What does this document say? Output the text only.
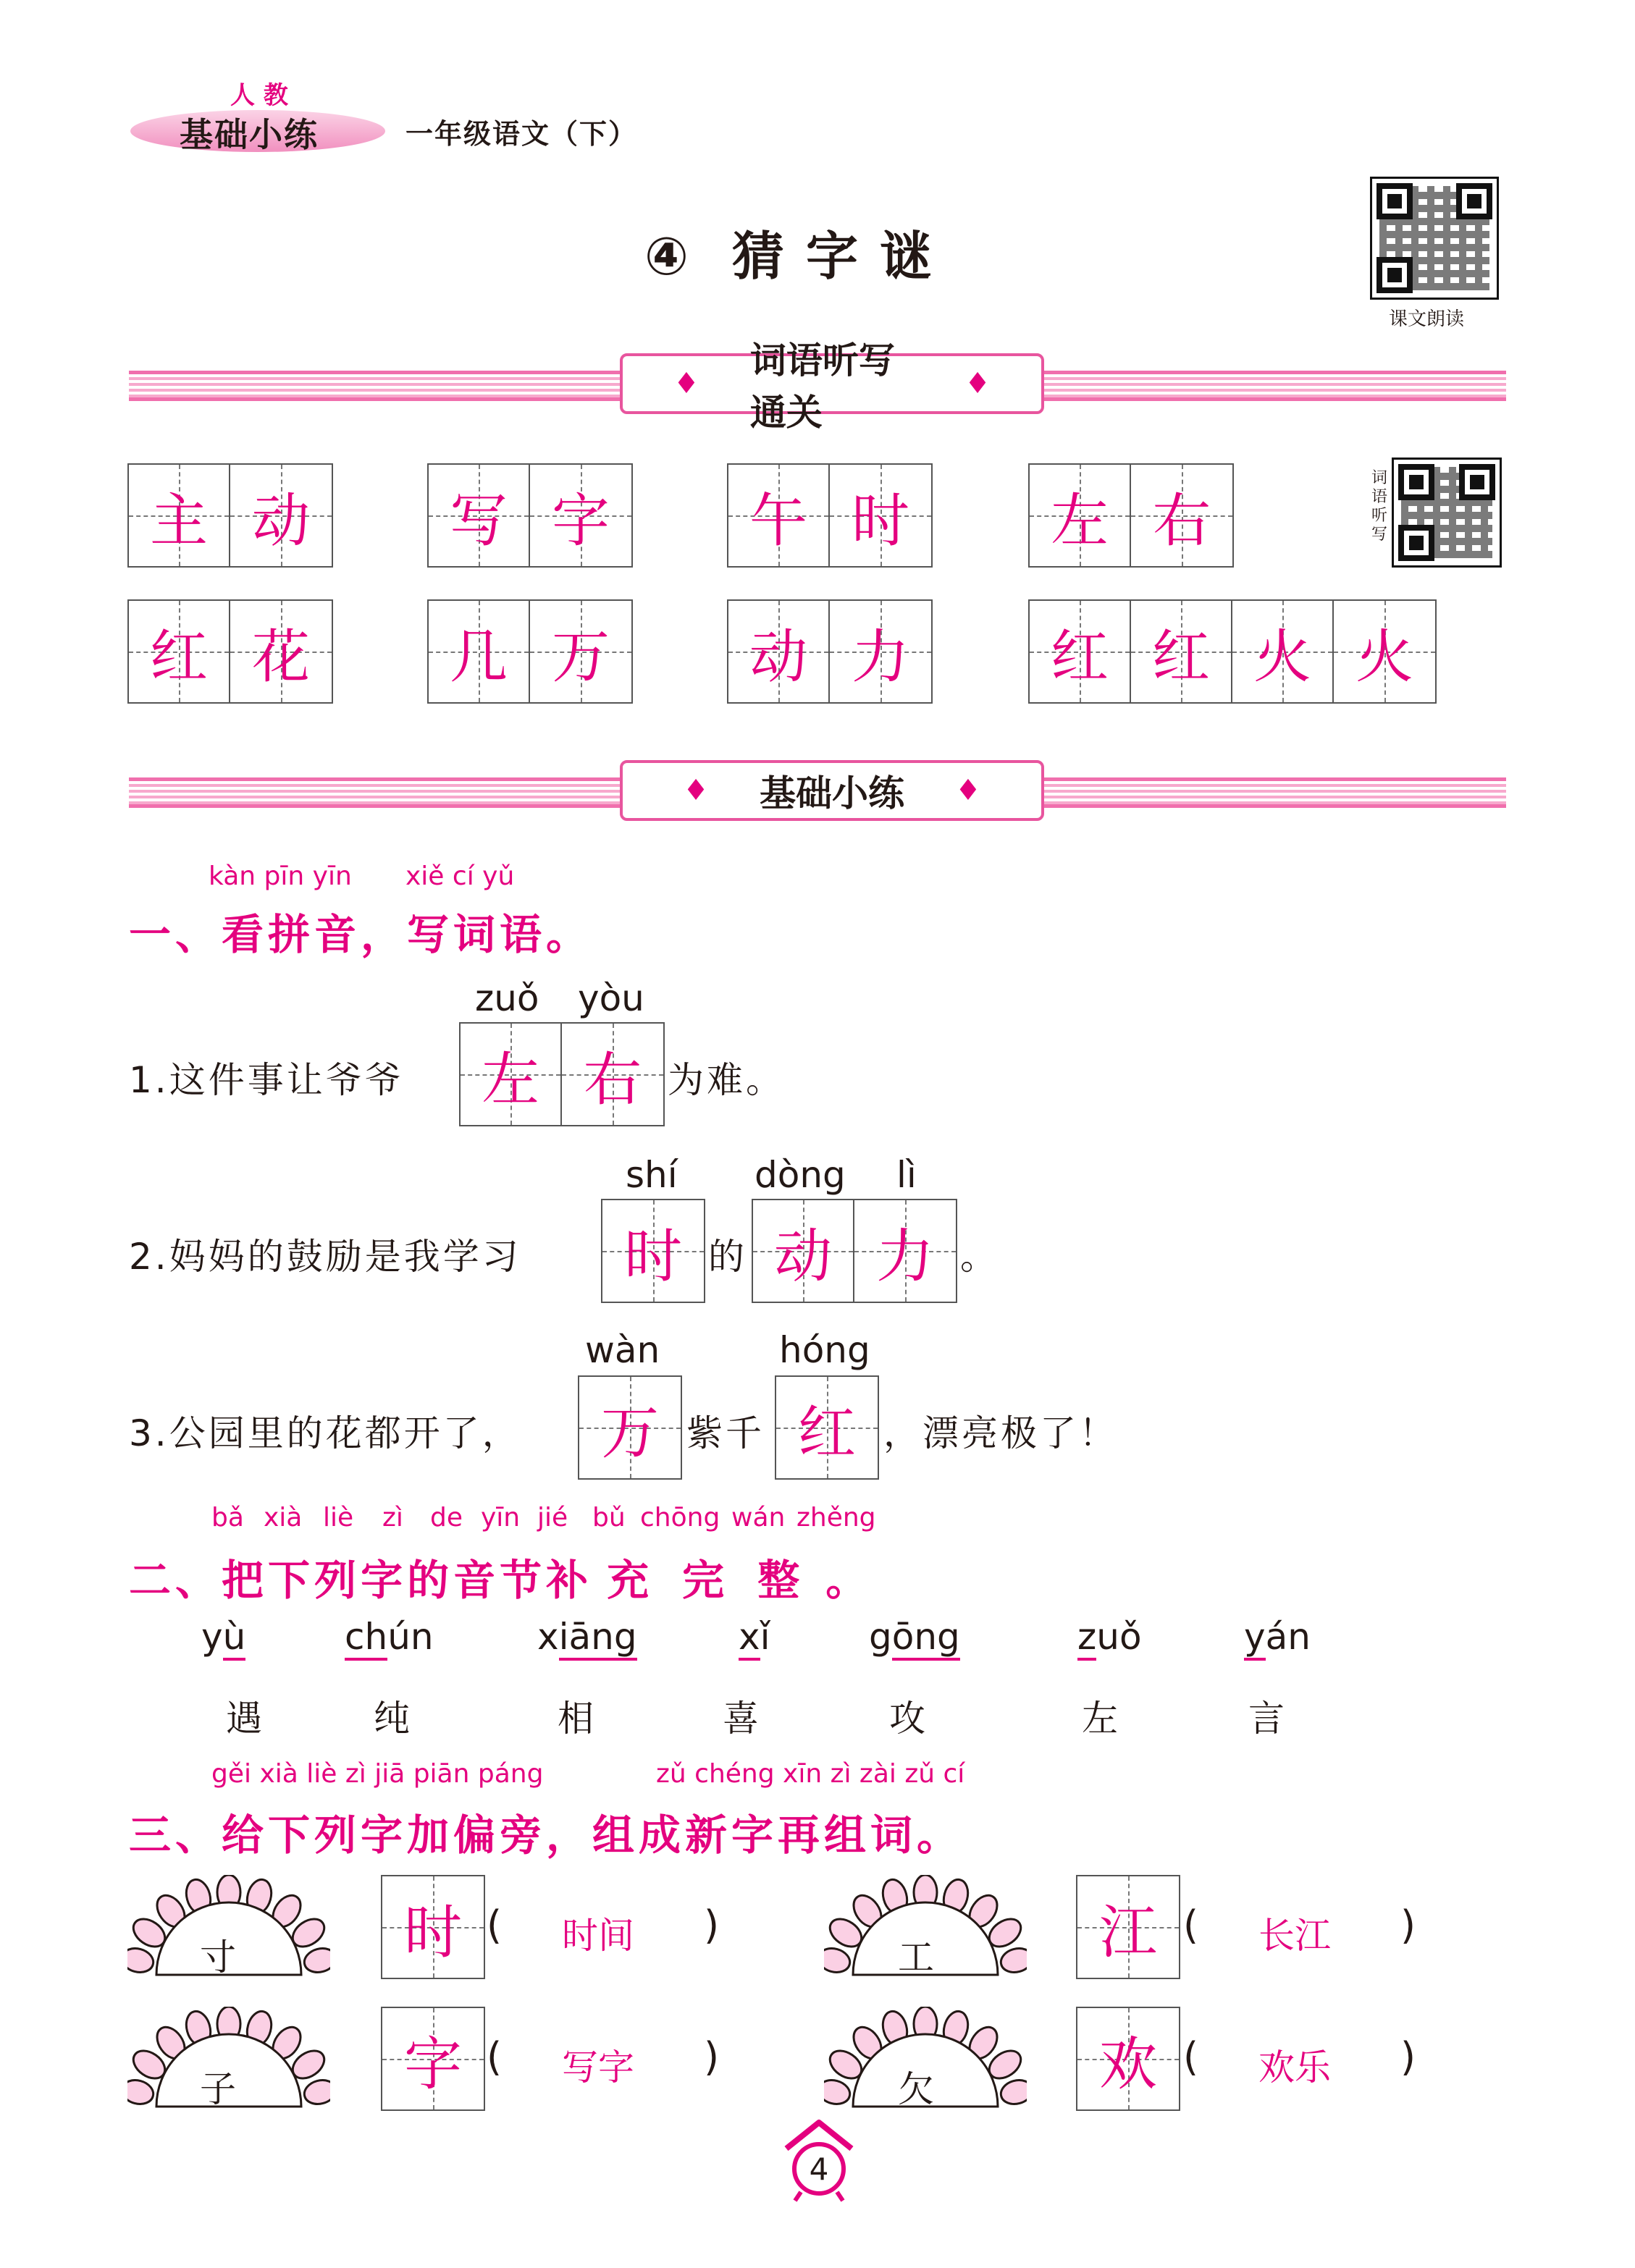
人 教
基础小练	一年级语文（下）
④ 猜字谜
课文朗读
词语听写
♦
词语听写通关
♦
主 动	写 字	午 时	左 右
红 花	几 万	动 力	红 红 火 火
♦ 基础小练 ♦
kàn pīn yīn xiě cí yǔ
一、看拼音，写词语。
zuǒ yòu
1.这件事让爷爷	左 右 为难。
shí dòng lì
2.妈妈的鼓励是我学习	时 的 动 力 。
wàn	hóng
3.公园里的花都开了，	万 紫千 红 ，漂亮极了！
bǎ xià liè zì de yīn jié bǔ chōng wán zhěng
二、把下列字的音节补 充 完 整 。
yù	chún	xiāng	xǐ	gōng	zuǒ	yán
遇	纯	相	喜	攻	左	言
gěi xià liè zì jiā piān páng	zǔ chéng xīn zì zài zǔ cí
三、给下列字加偏旁，组成新字再组词。
寸	时 ( 时间 )
工	江 ( 长江 )
子	字 ( 写字 )
欠	欢 ( 欢乐 )
4
